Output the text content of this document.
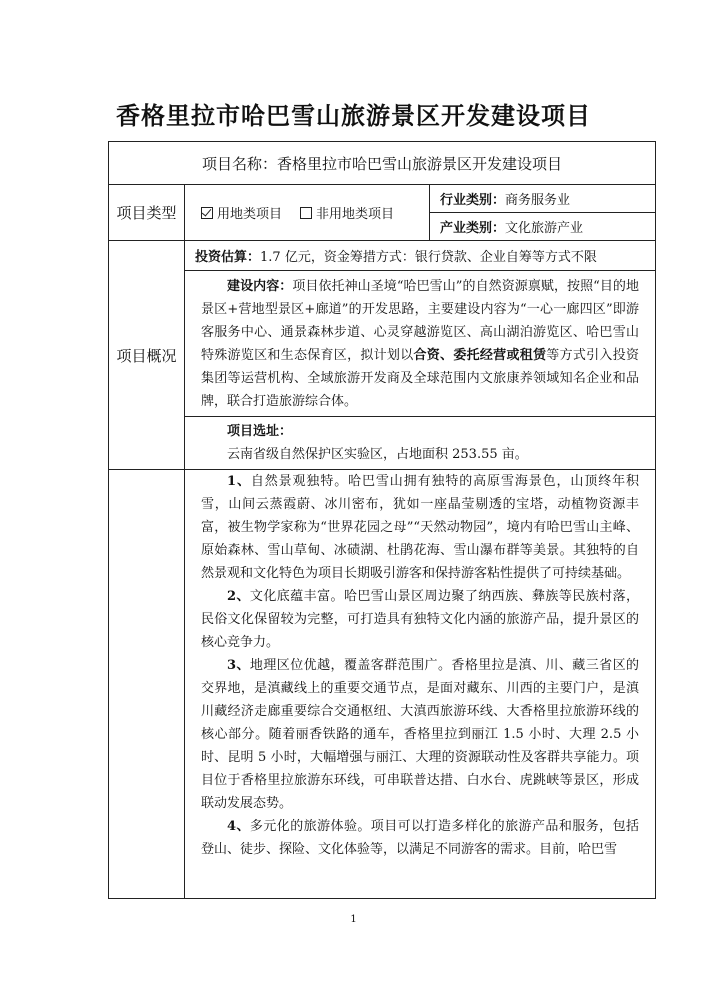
香格里拉市哈巴雪山旅游景区开发建设项目
项目名称：香格里拉市哈巴雪山旅游景区开发建设项目		
项目类型	用地类项目 非用地类项目	行业类别：商务服务业
		产业类别：文化旅游产业
项目概况	投资估算：1.7 亿元，资金筹措方式：银行贷款、企业自筹等方式不限	

	建设内容：项目依托神山圣境“哈巴雪山”的自然资源禀赋，按照“目的地景区+营地型景区+廊道”的开发思路，主要建设内容为“一心一廊四区”即游客服务中心、通景森林步道、心灵穿越游览区、高山湖泊游览区、哈巴雪山特殊游览区和生态保育区，拟计划以合资、委托经营或租赁等方式引入投资集团等运营机构、全域旅游开发商及全球范围内文旅康养领域知名企业和品牌，联合打造旅游综合体。	

	项目选址：

云南省级自然保护区实验区，占地面积 253.55 亩。	

	1、自然景观独特。哈巴雪山拥有独特的高原雪海景色，山顶终年积雪，山间云蒸霞蔚、冰川密布，犹如一座晶莹剔透的宝塔，动植物资源丰富，被生物学家称为“世界花园之母”“天然动物园”，境内有哈巴雪山主峰、原始森林、雪山草甸、冰碛湖、杜鹃花海、雪山瀑布群等美景。其独特的自然景观和文化特色为项目长期吸引游客和保持游客粘性提供了可持续基础。

2、文化底蕴丰富。哈巴雪山景区周边聚了纳西族、彝族等民族村落，民俗文化保留较为完整，可打造具有独特文化内涵的旅游产品，提升景区的核心竞争力。

3、地理区位优越，覆盖客群范围广。香格里拉是滇、川、藏三省区的交界地，是滇藏线上的重要交通节点，是面对藏东、川西的主要门户，是滇川藏经济走廊重要综合交通枢纽、大滇西旅游环线、大香格里拉旅游环线的核心部分。随着丽香铁路的通车，香格里拉到丽江 1.5 小时、大理 2.5 小时、昆明 5 小时，大幅增强与丽江、大理的资源联动性及客群共享能力。项目位于香格里拉旅游东环线，可串联普达措、白水台、虎跳峡等景区，形成联动发展态势。

4、多元化的旅游体验。项目可以打造多样化的旅游产品和服务，包括登山、徒步、探险、文化体验等，以满足不同游客的需求。目前，哈巴雪	

1
